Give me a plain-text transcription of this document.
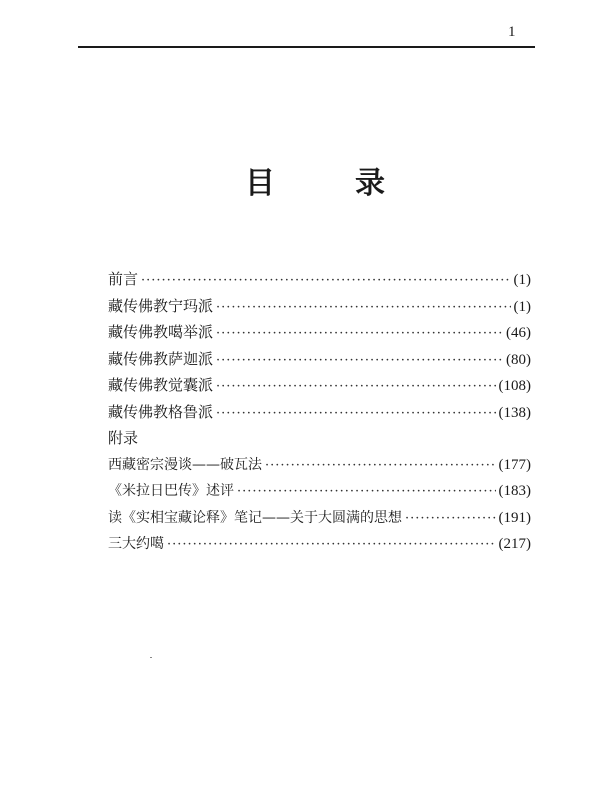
1
目	录
前言 ·····	(1)
藏传佛教宁玛派 ·····	(1)
藏传佛教噶举派 ·····	(46)
藏传佛教萨迦派 ·····	(80)
藏传佛教觉囊派 ·····	(108)
藏传佛教格鲁派 ·····	(138)
附录
西藏密宗漫谈——破瓦法 ·····	(177)
《米拉日巴传》述评 ·····	(183)
读《实相宝藏论释》笔记——关于大圆满的思想 ·····	(191)
三大约噶 ·····	(217)
